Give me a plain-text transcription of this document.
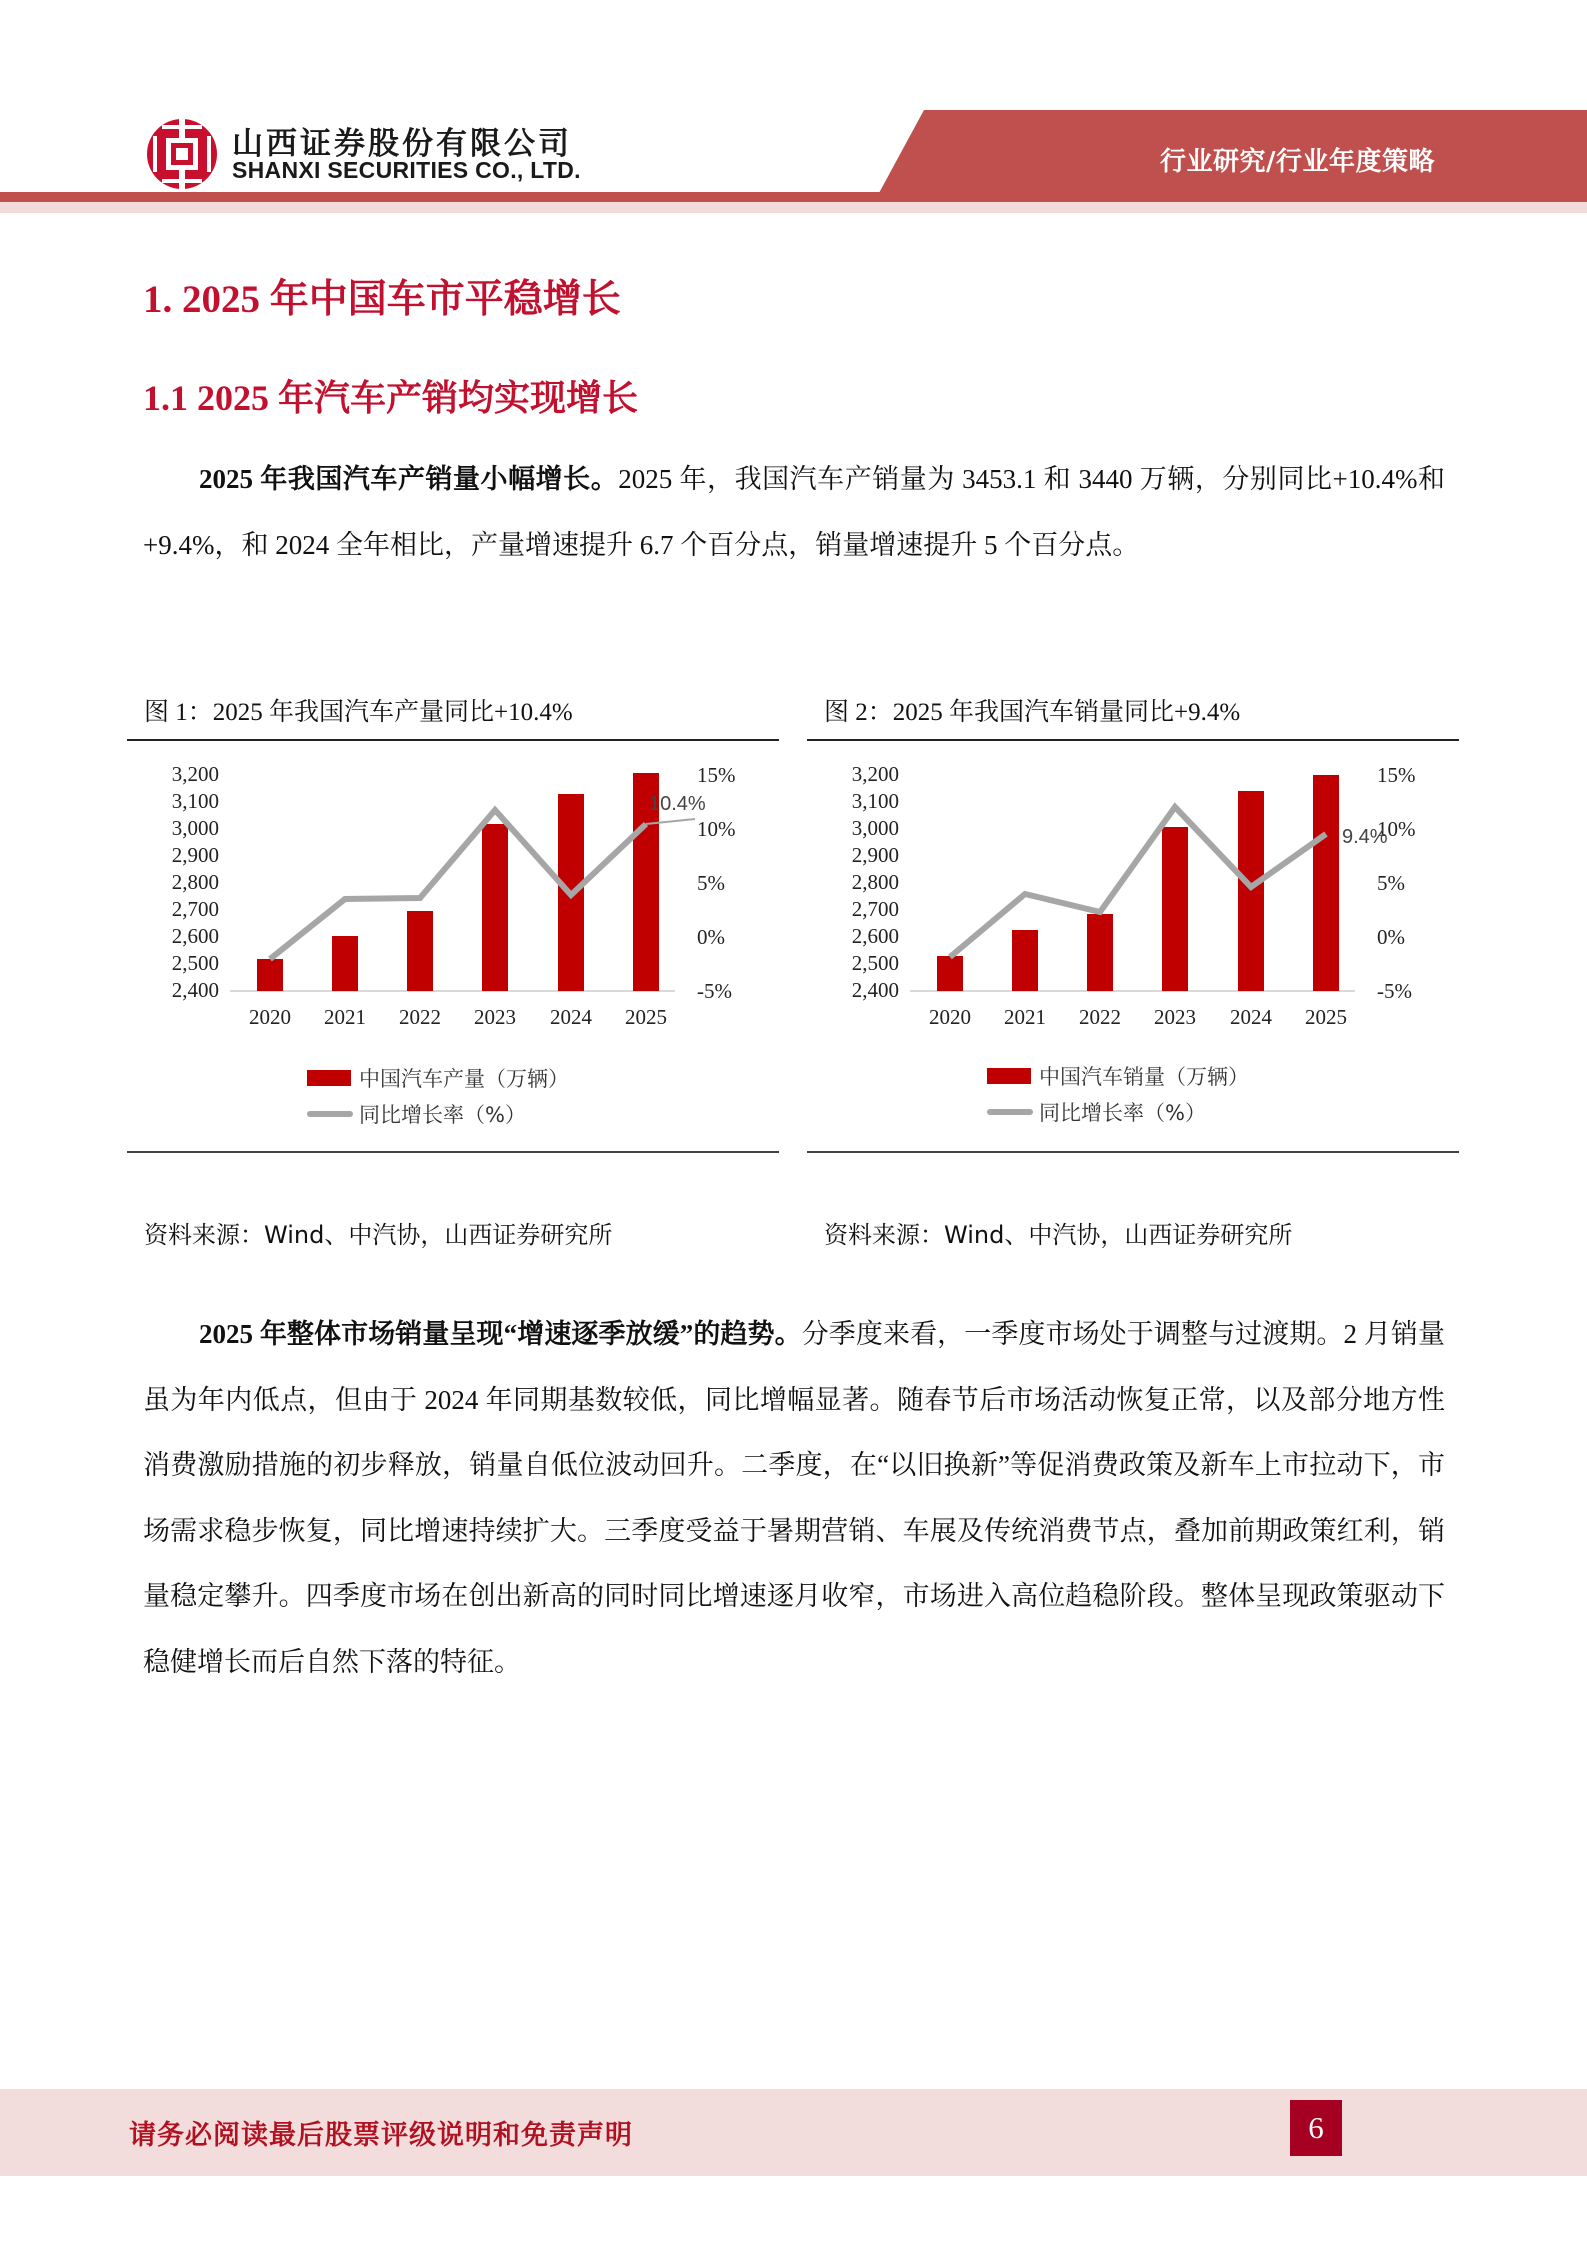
山西证券股份有限公司
SHANXI SECURITIES CO., LTD.	行业研究/行业年度策略
1. 2025 年中国车市平稳增长
1.1 2025 年汽车产销均实现增长
2025 年我国汽车产销量小幅增长。2025 年，我国汽车产销量为 3453.1 和 3440 万辆，分别同比+10.4%和+9.4%，和 2024 全年相比，产量增速提升 6.7 个百分点，销量增速提升 5 个百分点。
图 1：2025 年我国汽车产量同比+10.4%
3,200
3,100
3,000
2,900
2,800
2,700
2,600
2,500
2,400
15%
10%
5%
0%
-5%
10.4%
2020 2021 2022 2023 2024 2025
中国汽车产量（万辆）
同比增长率（%）
图 2：2025 年我国汽车销量同比+9.4%
3,200
3,100
3,000
2,900
2,800
2,700
2,600
2,500
2,400
15%
10%
5%
0%
-5%
9.4%
2020 2021 2022 2023 2024 2025
中国汽车销量（万辆）
同比增长率（%）
资料来源：Wind、中汽协，山西证券研究所	资料来源：Wind、中汽协，山西证券研究所
2025 年整体市场销量呈现“增速逐季放缓”的趋势。分季度来看，一季度市场处于调整与过渡期。2 月销量虽为年内低点，但由于 2024 年同期基数较低，同比增幅显著。随春节后市场活动恢复正常，以及部分地方性消费激励措施的初步释放，销量自低位波动回升。二季度，在“以旧换新”等促消费政策及新车上市拉动下，市场需求稳步恢复，同比增速持续扩大。三季度受益于暑期营销、车展及传统消费节点，叠加前期政策红利，销量稳定攀升。四季度市场在创出新高的同时同比增速逐月收窄，市场进入高位趋稳阶段。整体呈现政策驱动下稳健增长而后自然下落的特征。
请务必阅读最后股票评级说明和免责声明	6
